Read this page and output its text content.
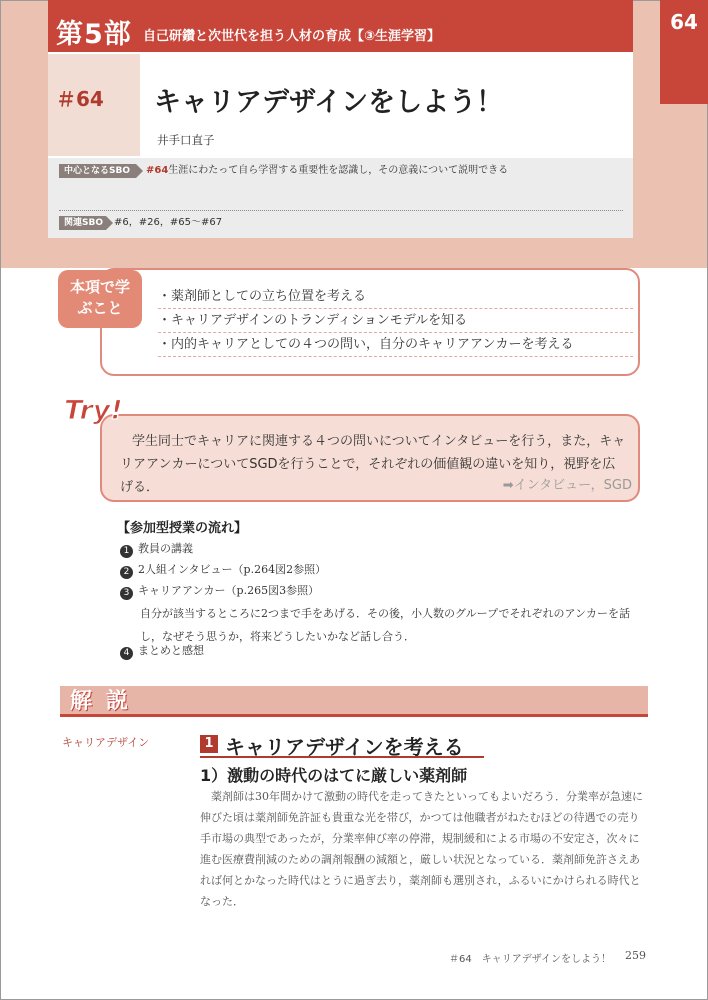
第5部 自己研鑽と次世代を担う人材の育成【③生涯学習】
64
＃64 キャリアデザインをしよう！
井手口直子
中心となるSBO	#64生涯にわたって自ら学習する重要性を認識し，その意義について説明できる
関連SBO	#6，#26，#65～#67
本項で学ぶこと
・薬剤師としての立ち位置を考える
・キャリアデザインのトランディションモデルを知る
・内的キャリアとしての４つの問い，自分のキャリアアンカーを考える
Try!
学生同士でキャリアに関連する４つの問いについてインタビューを行う，また，キャリアアンカーについてSGDを行うことで，それぞれの価値観の違いを知り，視野を広げる．	➡インタビュー，SGD
【参加型授業の流れ】
1 教員の講義
2 2人組インタビュー（p.264図2参照）
3 キャリアアンカー（p.265図3参照）
自分が該当するところに2つまで手をあげる．その後，小人数のグループでそれぞれのアンカーを話し，なぜそう思うか，将来どうしたいかなど話し合う．
4 まとめと感想
解説
キャリアデザイン	1 キャリアデザインを考える
1）激動の時代のはてに厳しい薬剤師
薬剤師は30年間かけて激動の時代を走ってきたといってもよいだろう．分業率が急速に伸びた頃は薬剤師免許証も貴重な光を帯び，かつては他職者がねたむほどの待遇での売り手市場の典型であったが，分業率伸び率の停滞，規制緩和による市場の不安定さ，次々に進む医療費削減のための調剤報酬の減額と，厳しい状況となっている．薬剤師免許さえあれば何とかなった時代はとうに過ぎ去り，薬剤師も選別され，ふるいにかけられる時代となった．
＃64　キャリアデザインをしよう！ 259
